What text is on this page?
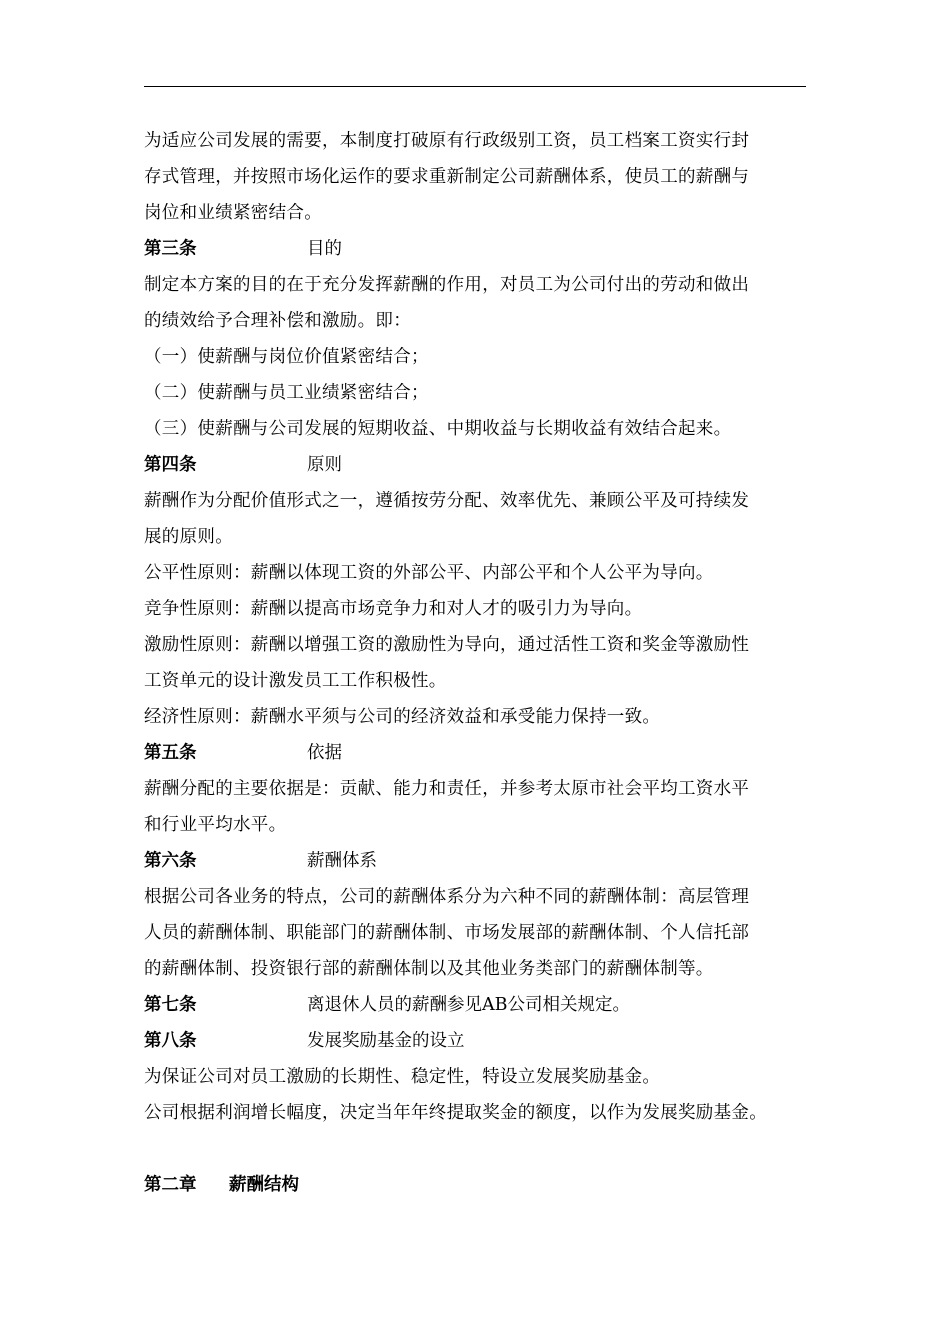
为适应公司发展的需要，本制度打破原有行政级别工资，员工档案工资实行封
存式管理，并按照市场化运作的要求重新制定公司薪酬体系，使员工的薪酬与
岗位和业绩紧密结合。
第三条	目的
制定本方案的目的在于充分发挥薪酬的作用，对员工为公司付出的劳动和做出
的绩效给予合理补偿和激励。即：
（一）使薪酬与岗位价值紧密结合；
（二）使薪酬与员工业绩紧密结合；
（三）使薪酬与公司发展的短期收益、中期收益与长期收益有效结合起来。
第四条	原则
薪酬作为分配价值形式之一，遵循按劳分配、效率优先、兼顾公平及可持续发
展的原则。
公平性原则：薪酬以体现工资的外部公平、内部公平和个人公平为导向。
竞争性原则：薪酬以提高市场竞争力和对人才的吸引力为导向。
激励性原则：薪酬以增强工资的激励性为导向，通过活性工资和奖金等激励性
工资单元的设计激发员工工作积极性。
经济性原则：薪酬水平须与公司的经济效益和承受能力保持一致。
第五条	依据
薪酬分配的主要依据是：贡献、能力和责任，并参考太原市社会平均工资水平
和行业平均水平。
第六条	薪酬体系
根据公司各业务的特点，公司的薪酬体系分为六种不同的薪酬体制：高层管理
人员的薪酬体制、职能部门的薪酬体制、市场发展部的薪酬体制、个人信托部
的薪酬体制、投资银行部的薪酬体制以及其他业务类部门的薪酬体制等。
第七条	离退休人员的薪酬参见AB公司相关规定。
第八条	发展奖励基金的设立
为保证公司对员工激励的长期性、稳定性，特设立发展奖励基金。
公司根据利润增长幅度，决定当年年终提取奖金的额度，以作为发展奖励基金。
第二章 薪酬结构
